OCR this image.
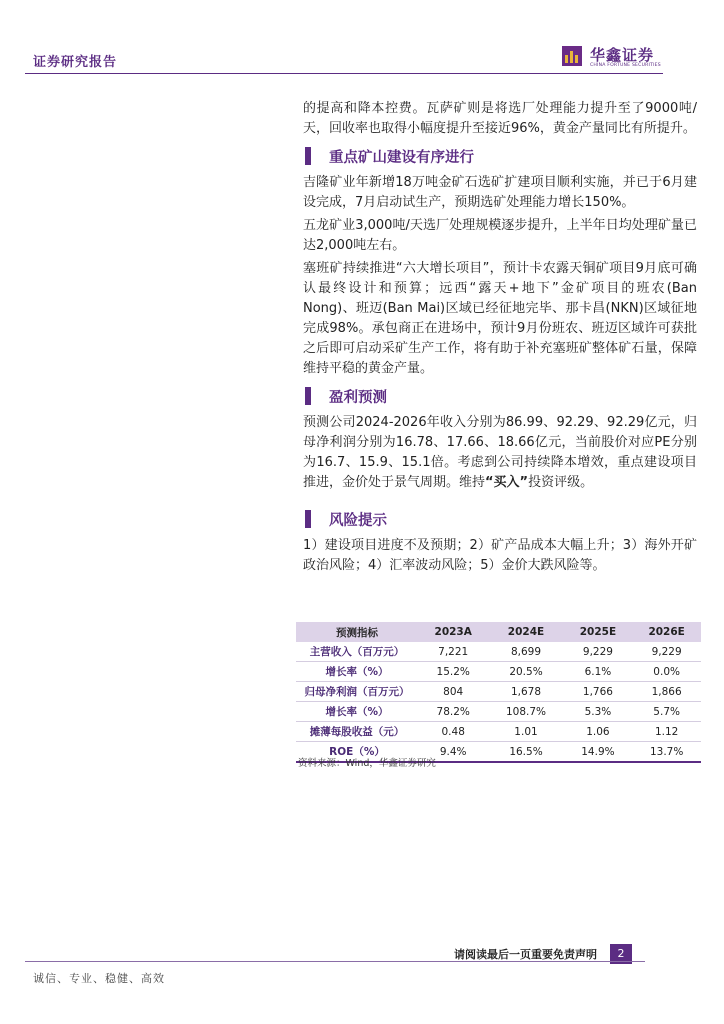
证券研究报告	华鑫证券
CHINA FORTUNE SECURITIES

的提高和降本控费。瓦萨矿则是将选厂处理能力提升至了9000吨/天，回收率也取得小幅度提升至接近96%，黄金产量同比有所提升。

重点矿山建设有序进行

吉隆矿业年新增18万吨金矿石选矿扩建项目顺利实施，并已于6月建设完成，7月启动试生产，预期选矿处理能力增长150%。

五龙矿业3,000吨/天选厂处理规模逐步提升，上半年日均处理矿量已达2,000吨左右。

塞班矿持续推进“六大增长项目”，预计卡农露天铜矿项目9月底可确认最终设计和预算；远西“露天+地下”金矿项目的班农(Ban Nong)、班迈(Ban Mai)区域已经征地完毕、那卡昌(NKN)区域征地完成98%。承包商正在进场中，预计9月份班农、班迈区域许可获批之后即可启动采矿生产工作，将有助于补充塞班矿整体矿石量，保障维持平稳的黄金产量。

盈利预测

预测公司2024-2026年收入分别为86.99、92.29、92.29亿元，归母净利润分别为16.78、17.66、18.66亿元，当前股价对应PE分别为16.7、15.9、15.1倍。考虑到公司持续降本增效，重点建设项目推进，金价处于景气周期。维持“买入”投资评级。

风险提示

1）建设项目进度不及预期；2）矿产品成本大幅上升；3）海外开矿政治风险；4）汇率波动风险；5）金价大跌风险等。

预测指标	2023A	2024E	2025E	2026E
主营收入（百万元）	7,221	8,699	9,229	9,229
增长率（%）	15.2%	20.5%	6.1%	0.0%
归母净利润（百万元）	804	1,678	1,766	1,866
增长率（%）	78.2%	108.7%	5.3%	5.7%
摊薄每股收益（元）	0.48	1.01	1.06	1.12
ROE（%）	9.4%	16.5%	14.9%	13.7%
资料来源：Wind，华鑫证券研究
请阅读最后一页重要免责声明	2
诚信、专业、稳健、高效
